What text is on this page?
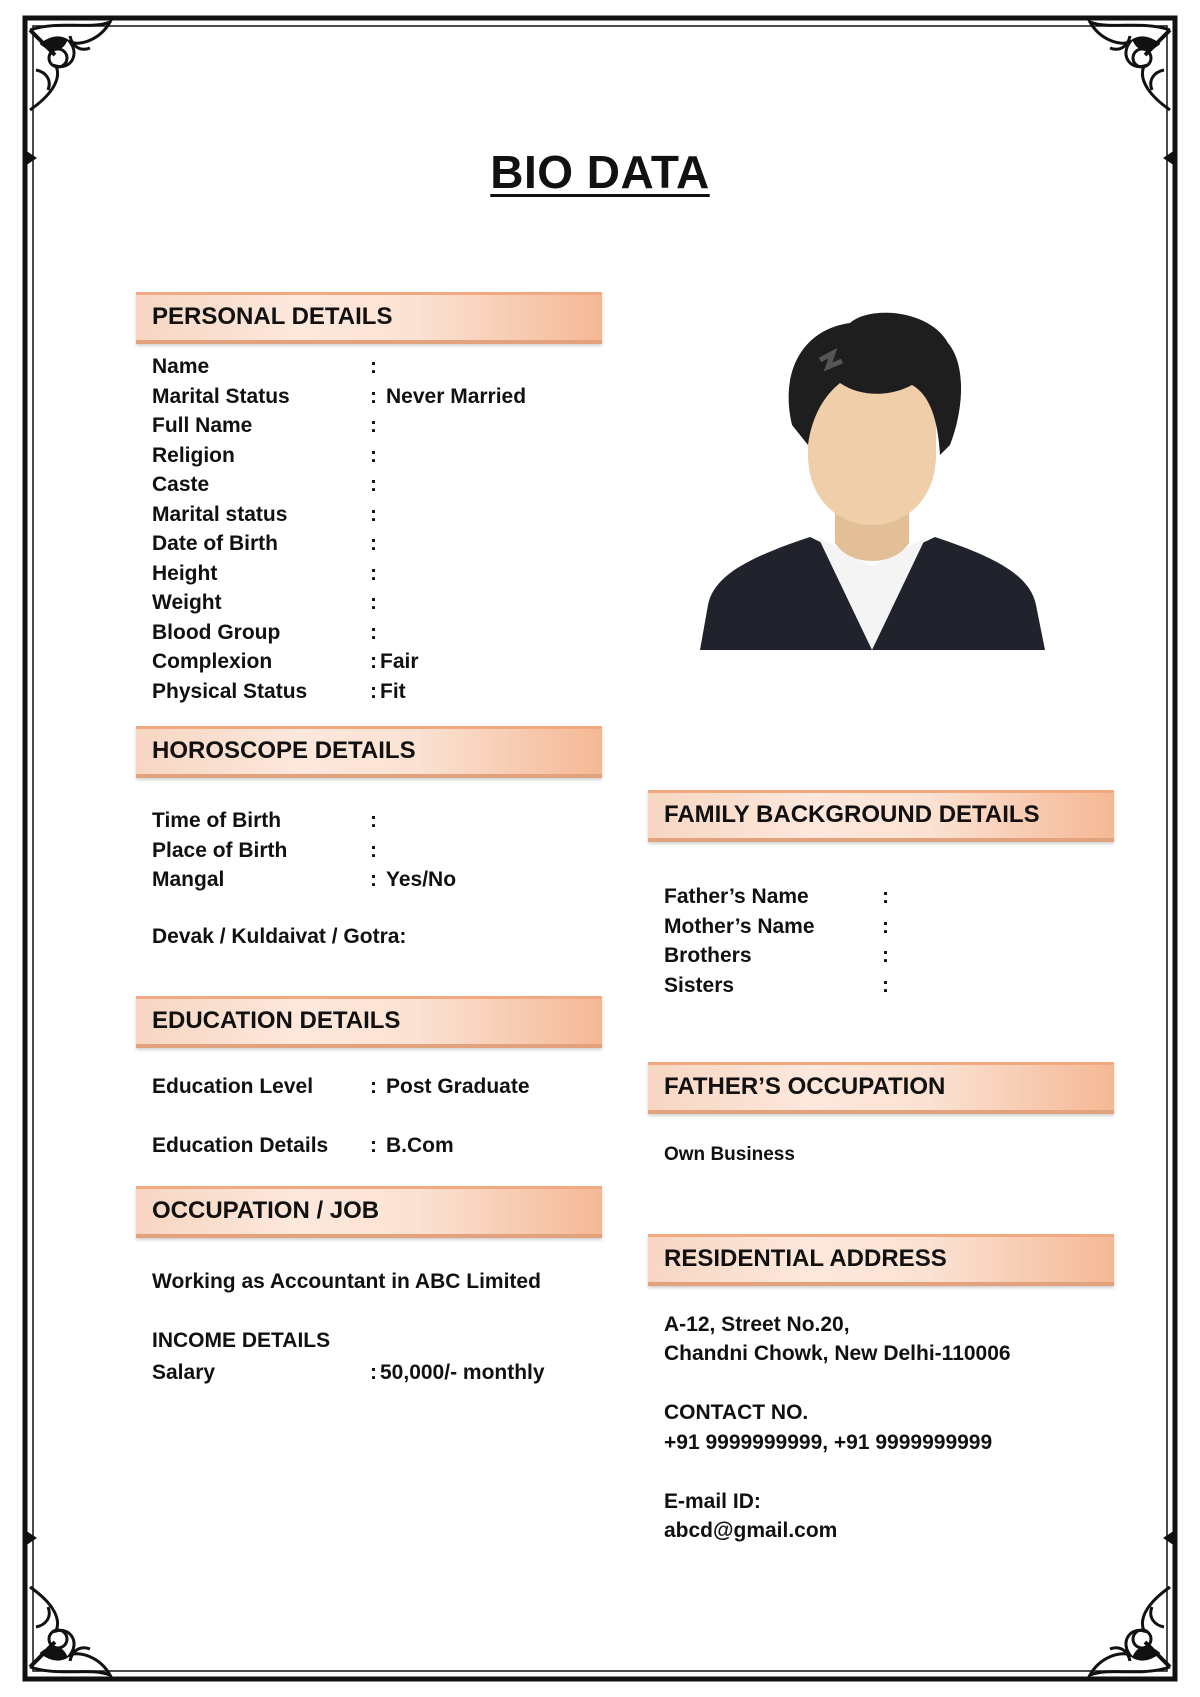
BIO DATA
PERSONAL DETAILS
Name	:
Marital Status	: Never Married
Full Name	:
Religion	:
Caste	:
Marital status	:
Date of Birth	:
Height	:
Weight	:
Blood Group	:
Complexion	: Fair
Physical Status	: Fit
HOROSCOPE DETAILS
Time of Birth	:
Place of Birth	:
Mangal	: Yes/No
Devak / Kuldaivat / Gotra:
EDUCATION DETAILS
Education Level	: Post Graduate
Education Details	: B.Com
OCCUPATION / JOB
Working as Accountant in ABC Limited
INCOME DETAILS
Salary	: 50,000/- monthly
FAMILY BACKGROUND DETAILS
Father’s Name	:
Mother’s Name	:
Brothers	:
Sisters	:
FATHER’S OCCUPATION
Own Business
RESIDENTIAL ADDRESS
A-12, Street No.20,
Chandni Chowk, New Delhi-110006
CONTACT NO.
+91 9999999999, +91 9999999999
E-mail ID:
abcd@gmail.com
